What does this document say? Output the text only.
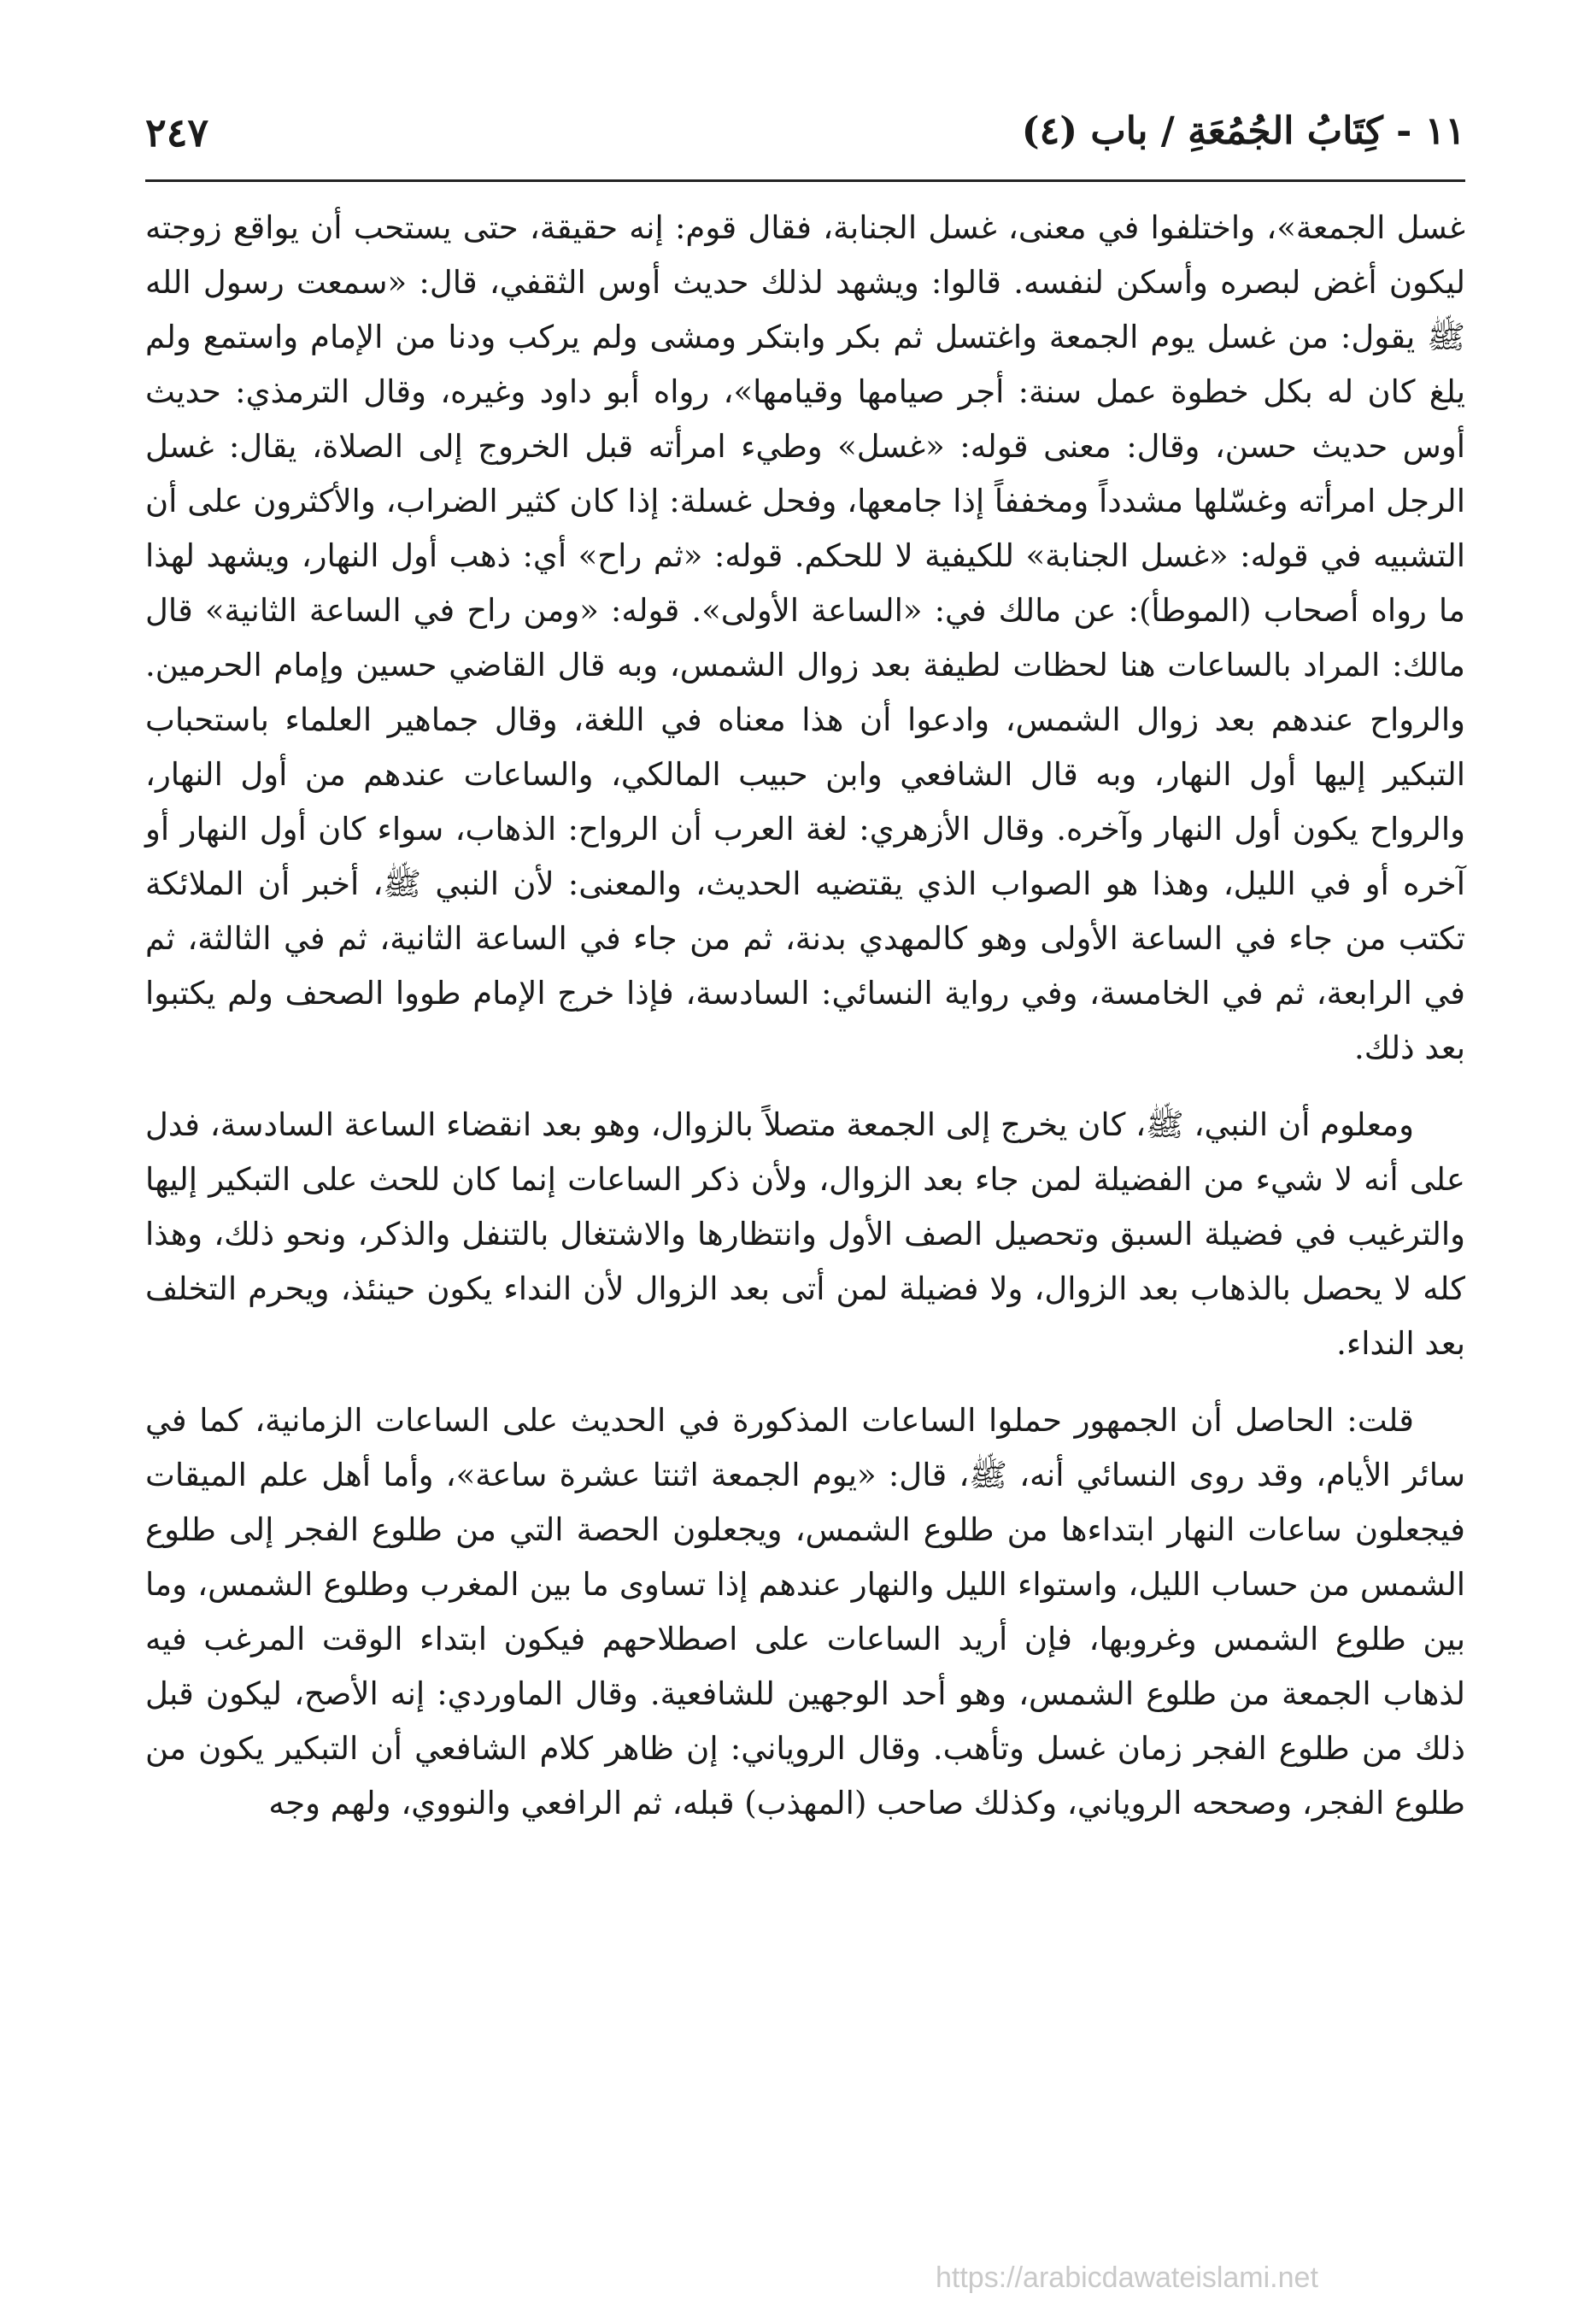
١١ - كِتَابُ الجُمُعَةِ / باب (٤)
٢٤٧

غسل الجمعة»، واختلفوا في معنى، غسل الجنابة، فقال قوم: إنه حقيقة، حتى يستحب أن يواقع زوجته ليكون أغض لبصره وأسكن لنفسه. قالوا: ويشهد لذلك حديث أوس الثقفي، قال: «سمعت رسول الله ﷺ يقول: من غسل يوم الجمعة واغتسل ثم بكر وابتكر ومشى ولم يركب ودنا من الإمام واستمع ولم يلغ كان له بكل خطوة عمل سنة: أجر صيامها وقيامها»، رواه أبو داود وغيره، وقال الترمذي: حديث أوس حديث حسن، وقال: معنى قوله: «غسل» وطيء امرأته قبل الخروج إلى الصلاة، يقال: غسل الرجل امرأته وغسّلها مشدداً ومخففاً إذا جامعها، وفحل غسلة: إذا كان كثير الضراب، والأكثرون على أن التشبيه في قوله: «غسل الجنابة» للكيفية لا للحكم. قوله: «ثم راح» أي: ذهب أول النهار، ويشهد لهذا ما رواه أصحاب (الموطأ): عن مالك في: «الساعة الأولى». قوله: «ومن راح في الساعة الثانية» قال مالك: المراد بالساعات هنا لحظات لطيفة بعد زوال الشمس، وبه قال القاضي حسين وإمام الحرمين. والرواح عندهم بعد زوال الشمس، وادعوا أن هذا معناه في اللغة، وقال جماهير العلماء باستحباب التبكير إليها أول النهار، وبه قال الشافعي وابن حبيب المالكي، والساعات عندهم من أول النهار، والرواح يكون أول النهار وآخره. وقال الأزهري: لغة العرب أن الرواح: الذهاب، سواء كان أول النهار أو آخره أو في الليل، وهذا هو الصواب الذي يقتضيه الحديث، والمعنى: لأن النبي ﷺ، أخبر أن الملائكة تكتب من جاء في الساعة الأولى وهو كالمهدي بدنة، ثم من جاء في الساعة الثانية، ثم في الثالثة، ثم في الرابعة، ثم في الخامسة، وفي رواية النسائي: السادسة، فإذا خرج الإمام طووا الصحف ولم يكتبوا بعد ذلك.

ومعلوم أن النبي، ﷺ، كان يخرج إلى الجمعة متصلاً بالزوال، وهو بعد انقضاء الساعة السادسة، فدل على أنه لا شيء من الفضيلة لمن جاء بعد الزوال، ولأن ذكر الساعات إنما كان للحث على التبكير إليها والترغيب في فضيلة السبق وتحصيل الصف الأول وانتظارها والاشتغال بالتنفل والذكر، ونحو ذلك، وهذا كله لا يحصل بالذهاب بعد الزوال، ولا فضيلة لمن أتى بعد الزوال لأن النداء يكون حينئذ، ويحرم التخلف بعد النداء.

قلت: الحاصل أن الجمهور حملوا الساعات المذكورة في الحديث على الساعات الزمانية، كما في سائر الأيام، وقد روى النسائي أنه، ﷺ، قال: «يوم الجمعة اثنتا عشرة ساعة»، وأما أهل علم الميقات فيجعلون ساعات النهار ابتداءها من طلوع الشمس، ويجعلون الحصة التي من طلوع الفجر إلى طلوع الشمس من حساب الليل، واستواء الليل والنهار عندهم إذا تساوى ما بين المغرب وطلوع الشمس، وما بين طلوع الشمس وغروبها، فإن أريد الساعات على اصطلاحهم فيكون ابتداء الوقت المرغب فيه لذهاب الجمعة من طلوع الشمس، وهو أحد الوجهين للشافعية. وقال الماوردي: إنه الأصح، ليكون قبل ذلك من طلوع الفجر زمان غسل وتأهب. وقال الروياني: إن ظاهر كلام الشافعي أن التبكير يكون من طلوع الفجر، وصححه الروياني، وكذلك صاحب (المهذب) قبله، ثم الرافعي والنووي، ولهم وجه

https://arabicdawateislami.net
